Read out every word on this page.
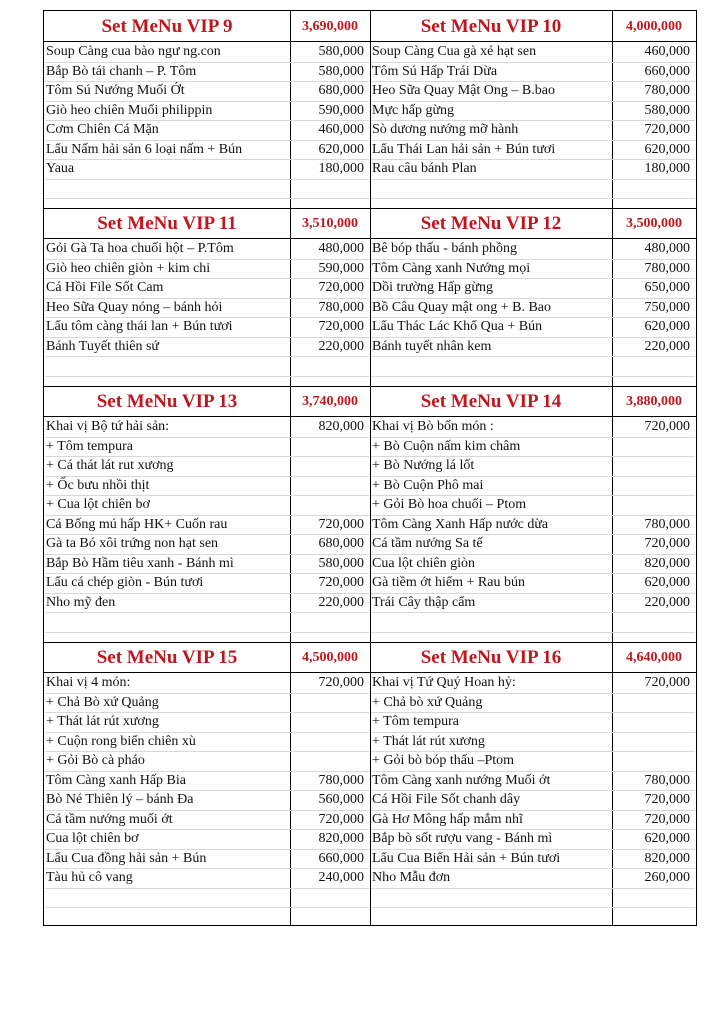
Set MeNu VIP 9	3,690,000
Soup Càng cua bào ngư ng.con	580,000
Bắp Bò tái chanh – P. Tôm	580,000
Tôm Sú Nướng Muối Ớt	680,000
Giò heo chiên Muối philippin	590,000
Cơm Chiên Cá Mặn	460,000
Lẩu Nấm hải sản 6 loại nấm + Bún	620,000
Yaua	180,000
Set MeNu VIP 10	4,000,000
Soup Càng Cua gà xé hạt sen	460,000
Tôm Sú Hấp Trái Dừa	660,000
Heo Sữa Quay Mật Ong – B.bao	780,000
Mực hấp gừng	580,000
Sò dương nướng mỡ hành	720,000
Lẩu Thái Lan hải sản + Bún tươi	620,000
Rau câu bánh Plan	180,000
Set MeNu VIP 11	3,510,000
Gỏi Gà Ta hoa chuối hột – P.Tôm	480,000
Giò heo chiên giòn + kim chi	590,000
Cá Hồi File Sốt Cam	720,000
Heo Sữa Quay nóng – bánh hỏi	780,000
Lẩu tôm càng thái lan + Bún tươi	720,000
Bánh Tuyết thiên sứ	220,000
Set MeNu VIP 12	3,500,000
Bê bóp thấu - bánh phồng	480,000
Tôm Càng xanh Nướng mọi	780,000
Dồi trường Hấp gừng	650,000
Bồ Câu Quay mật ong + B. Bao	750,000
Lẩu Thác Lác Khổ Qua + Bún	620,000
Bánh tuyết nhân kem	220,000
Set MeNu VIP 13	3,740,000
Khai vị Bộ tứ hải sản:	820,000
+ Tôm tempura
+ Cá thát lát rut xương
+ Ốc bưu nhồi thịt
+ Cua lột chiên bơ
Cá Bống mú hấp HK+ Cuốn rau	720,000
Gà ta Bó xôi trứng non hạt sen	680,000
Bắp Bò Hầm tiêu xanh - Bánh mì	580,000
Lẩu cá chép giòn - Bún tươi	720,000
Nho mỹ đen	220,000
Set MeNu VIP 14	3,880,000
Khai vị Bò bốn món :	720,000
+ Bò Cuộn nấm kim châm
+ Bò Nướng lá lốt
+ Bò Cuộn Phô mai
+ Gỏi Bò hoa chuối – Ptom
Tôm Càng Xanh Hấp nước dừa	780,000
Cá tầm nướng Sa tế	720,000
Cua lột chiên giòn	820,000
Gà tiềm ớt hiểm + Rau bún	620,000
Trái Cây thập cẩm	220,000
Set MeNu VIP 15	4,500,000
Khai vị 4 món:	720,000
+ Chả Bò xứ Quảng
+ Thát lát rút xương
+ Cuộn rong biển chiên xù
+ Gỏi Bò cà pháo
Tôm Càng xanh Hấp Bia	780,000
Bò Né Thiên lý – bánh Đa	560,000
Cá tầm nướng muối ớt	720,000
Cua lột chiên bơ	820,000
Lẩu Cua đồng hải sản + Bún	660,000
Tàu hủ cô vang	240,000
Set MeNu VIP 16	4,640,000
Khai vị Tứ Quý Hoan hỷ:	720,000
+ Chả bò xứ Quảng
+ Tôm tempura
+ Thát lát rút xương
+ Gỏi bò bóp thấu –Ptom
Tôm Càng xanh nướng Muối ớt	780,000
Cá Hồi File Sốt chanh dây	720,000
Gà Hơ Mông hấp mắm nhĩ	720,000
Bắp bò sốt rượu vang - Bánh mì	620,000
Lẩu Cua Biển Hải sản + Bún tươi	820,000
Nho Mẫu đơn	260,000
